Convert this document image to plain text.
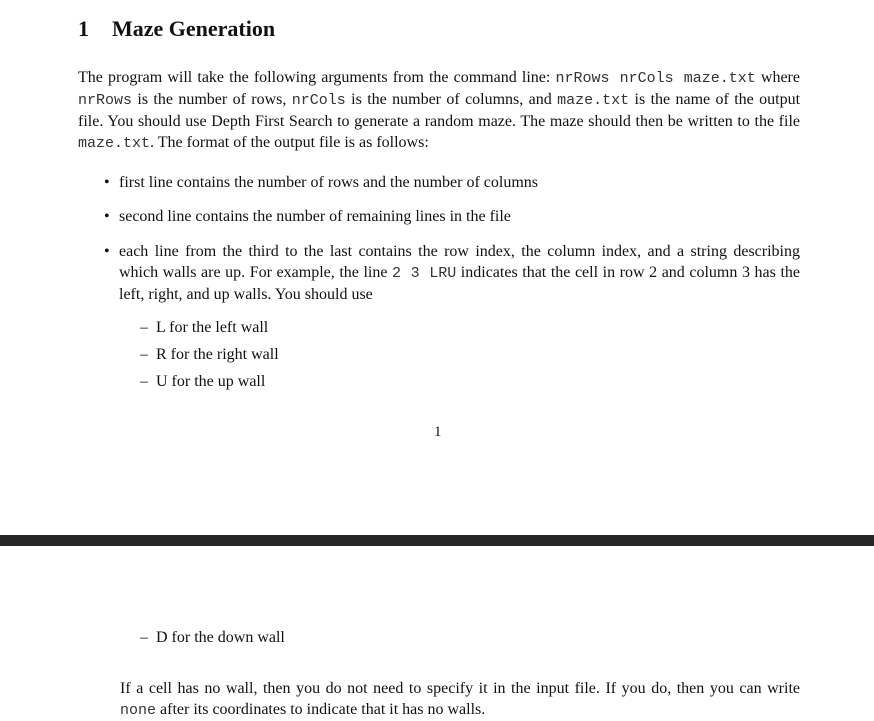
1 Maze Generation

The program will take the following arguments from the command line: nrRows nrCols maze.txt where nrRows is the number of rows, nrCols is the number of columns, and maze.txt is the name of the output file. You should use Depth First Search to generate a random maze. The maze should then be written to the file maze.txt. The format of the output file is as follows:

• first line contains the number of rows and the number of columns
• second line contains the number of remaining lines in the file
• each line from the third to the last contains the row index, the column index, and a string describing which walls are up. For example, the line 2 3 LRU indicates that the cell in row 2 and column 3 has the left, right, and up walls. You should use
– L for the left wall
– R for the right wall
– U for the up wall
1
– D for the down wall

If a cell has no wall, then you do not need to specify it in the input file. If you do, then you can write none after its coordinates to indicate that it has no walls.
